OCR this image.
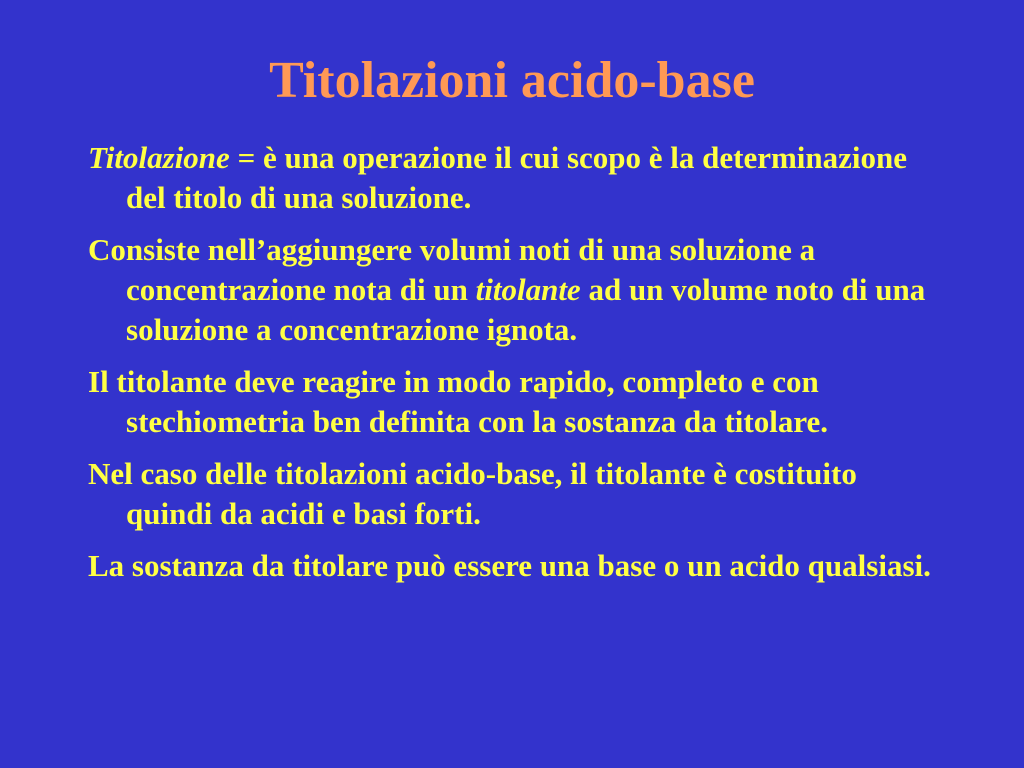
Titolazioni acido-base

Titolazione = è una operazione il cui scopo è la determinazione del titolo di una soluzione.

Consiste nell’aggiungere volumi noti di una soluzione a concentrazione nota di un titolante ad un volume noto di una soluzione a concentrazione ignota.

Il titolante deve reagire in modo rapido, completo e con stechiometria ben definita con la sostanza da titolare.

Nel caso delle titolazioni acido-base, il titolante è costituito quindi da acidi e basi forti.

La sostanza da titolare può essere una base o un acido qualsiasi.
